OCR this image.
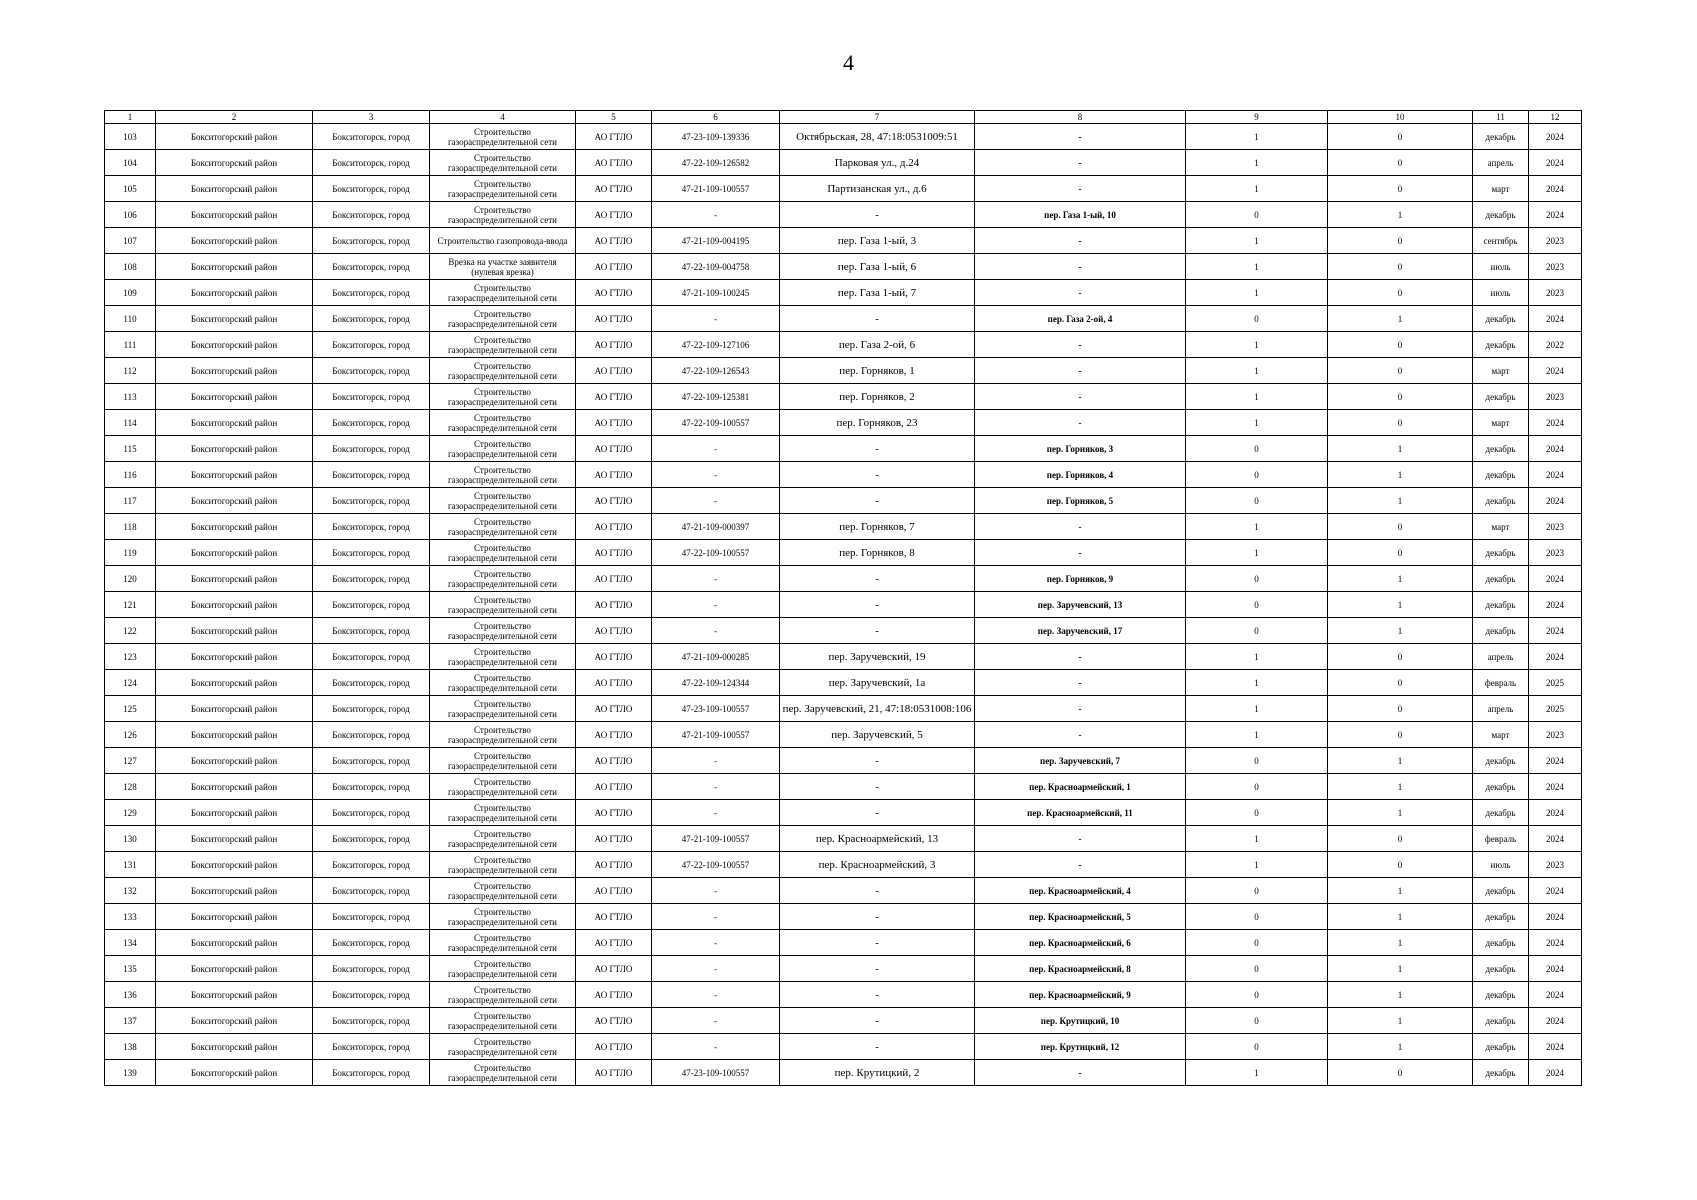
4
1	2	3	4	5	6	7	8	9	10	11	12
103	Бокситогорский район	Бокситогорск, город	Строительство газораспределительной сети	АО ГТЛО	47-23-109-139336	Октябрьская, 28, 47:18:0531009:51	-	1	0	декабрь	2024
104	Бокситогорский район	Бокситогорск, город	Строительство газораспределительной сети	АО ГТЛО	47-22-109-126582	Парковая ул., д.24	-	1	0	апрель	2024
105	Бокситогорский район	Бокситогорск, город	Строительство газораспределительной сети	АО ГТЛО	47-21-109-100557	Партизанская ул., д.6	-	1	0	март	2024
106	Бокситогорский район	Бокситогорск, город	Строительство газораспределительной сети	АО ГТЛО	-	-	пер. Газа 1-ый, 10	0	1	декабрь	2024
107	Бокситогорский район	Бокситогорск, город	Строительство газопровода-ввода	АО ГТЛО	47-21-109-004195	пер. Газа 1-ый, 3	-	1	0	сентябрь	2023
108	Бокситогорский район	Бокситогорск, город	Врезка на участке заявителя (нулевая врезка)	АО ГТЛО	47-22-109-004758	пер. Газа 1-ый, 6	-	1	0	июль	2023
109	Бокситогорский район	Бокситогорск, город	Строительство газораспределительной сети	АО ГТЛО	47-21-109-100245	пер. Газа 1-ый, 7	-	1	0	июль	2023
110	Бокситогорский район	Бокситогорск, город	Строительство газораспределительной сети	АО ГТЛО	-	-	пер. Газа 2-ой, 4	0	1	декабрь	2024
111	Бокситогорский район	Бокситогорск, город	Строительство газораспределительной сети	АО ГТЛО	47-22-109-127106	пер. Газа 2-ой, 6	-	1	0	декабрь	2022
112	Бокситогорский район	Бокситогорск, город	Строительство газораспределительной сети	АО ГТЛО	47-22-109-126543	пер. Горняков, 1	-	1	0	март	2024
113	Бокситогорский район	Бокситогорск, город	Строительство газораспределительной сети	АО ГТЛО	47-22-109-125381	пер. Горняков, 2	-	1	0	декабрь	2023
114	Бокситогорский район	Бокситогорск, город	Строительство газораспределительной сети	АО ГТЛО	47-22-109-100557	пер. Горняков, 23	-	1	0	март	2024
115	Бокситогорский район	Бокситогорск, город	Строительство газораспределительной сети	АО ГТЛО	-	-	пер. Горняков, 3	0	1	декабрь	2024
116	Бокситогорский район	Бокситогорск, город	Строительство газораспределительной сети	АО ГТЛО	-	-	пер. Горняков, 4	0	1	декабрь	2024
117	Бокситогорский район	Бокситогорск, город	Строительство газораспределительной сети	АО ГТЛО	-	-	пер. Горняков, 5	0	1	декабрь	2024
118	Бокситогорский район	Бокситогорск, город	Строительство газораспределительной сети	АО ГТЛО	47-21-109-000397	пер. Горняков, 7	-	1	0	март	2023
119	Бокситогорский район	Бокситогорск, город	Строительство газораспределительной сети	АО ГТЛО	47-22-109-100557	пер. Горняков, 8	-	1	0	декабрь	2023
120	Бокситогорский район	Бокситогорск, город	Строительство газораспределительной сети	АО ГТЛО	-	-	пер. Горняков, 9	0	1	декабрь	2024
121	Бокситогорский район	Бокситогорск, город	Строительство газораспределительной сети	АО ГТЛО	-	-	пер. Заручевский, 13	0	1	декабрь	2024
122	Бокситогорский район	Бокситогорск, город	Строительство газораспределительной сети	АО ГТЛО	-	-	пер. Заручевский, 17	0	1	декабрь	2024
123	Бокситогорский район	Бокситогорск, город	Строительство газораспределительной сети	АО ГТЛО	47-21-109-000285	пер. Заручевский, 19	-	1	0	апрель	2024
124	Бокситогорский район	Бокситогорск, город	Строительство газораспределительной сети	АО ГТЛО	47-22-109-124344	пер. Заручевский, 1а	-	1	0	февраль	2025
125	Бокситогорский район	Бокситогорск, город	Строительство газораспределительной сети	АО ГТЛО	47-23-109-100557	пер. Заручевский, 21, 47:18:0531008:106	-	1	0	апрель	2025
126	Бокситогорский район	Бокситогорск, город	Строительство газораспределительной сети	АО ГТЛО	47-21-109-100557	пер. Заручевский, 5	-	1	0	март	2023
127	Бокситогорский район	Бокситогорск, город	Строительство газораспределительной сети	АО ГТЛО	-	-	пер. Заручевский, 7	0	1	декабрь	2024
128	Бокситогорский район	Бокситогорск, город	Строительство газораспределительной сети	АО ГТЛО	-	-	пер. Красноармейский, 1	0	1	декабрь	2024
129	Бокситогорский район	Бокситогорск, город	Строительство газораспределительной сети	АО ГТЛО	-	-	пер. Красноармейский, 11	0	1	декабрь	2024
130	Бокситогорский район	Бокситогорск, город	Строительство газораспределительной сети	АО ГТЛО	47-21-109-100557	пер. Красноармейский, 13	-	1	0	февраль	2024
131	Бокситогорский район	Бокситогорск, город	Строительство газораспределительной сети	АО ГТЛО	47-22-109-100557	пер. Красноармейский, 3	-	1	0	июль	2023
132	Бокситогорский район	Бокситогорск, город	Строительство газораспределительной сети	АО ГТЛО	-	-	пер. Красноармейский, 4	0	1	декабрь	2024
133	Бокситогорский район	Бокситогорск, город	Строительство газораспределительной сети	АО ГТЛО	-	-	пер. Красноармейский, 5	0	1	декабрь	2024
134	Бокситогорский район	Бокситогорск, город	Строительство газораспределительной сети	АО ГТЛО	-	-	пер. Красноармейский, 6	0	1	декабрь	2024
135	Бокситогорский район	Бокситогорск, город	Строительство газораспределительной сети	АО ГТЛО	-	-	пер. Красноармейский, 8	0	1	декабрь	2024
136	Бокситогорский район	Бокситогорск, город	Строительство газораспределительной сети	АО ГТЛО	-	-	пер. Красноармейский, 9	0	1	декабрь	2024
137	Бокситогорский район	Бокситогорск, город	Строительство газораспределительной сети	АО ГТЛО	-	-	пер. Крутицкий, 10	0	1	декабрь	2024
138	Бокситогорский район	Бокситогорск, город	Строительство газораспределительной сети	АО ГТЛО	-	-	пер. Крутицкий, 12	0	1	декабрь	2024
139	Бокситогорский район	Бокситогорск, город	Строительство газораспределительной сети	АО ГТЛО	47-23-109-100557	пер. Крутицкий, 2	-	1	0	декабрь	2024
